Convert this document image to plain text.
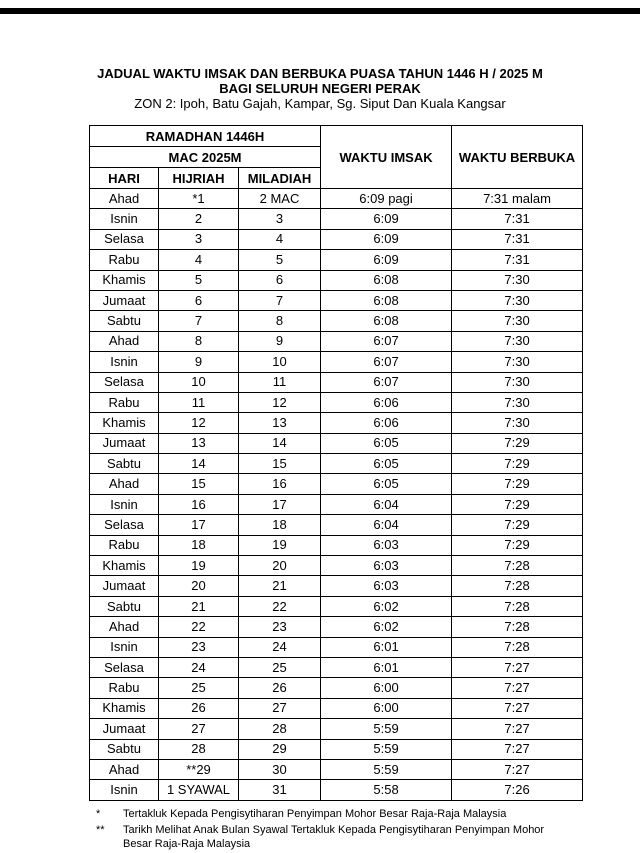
JADUAL WAKTU IMSAK DAN BERBUKA PUASA TAHUN 1446 H / 2025 M
BAGI SELURUH NEGERI PERAK
ZON 2: Ipoh, Batu Gajah, Kampar, Sg. Siput Dan Kuala Kangsar
RAMADHAN 1446H			WAKTU IMSAK	WAKTU BERBUKA
MAC 2025M				
HARI	HIJRIAH	MILADIAH		
Ahad	*1	2 MAC	6:09 pagi	7:31 malam
Isnin	2	3	6:09	7:31
Selasa	3	4	6:09	7:31
Rabu	4	5	6:09	7:31
Khamis	5	6	6:08	7:30
Jumaat	6	7	6:08	7:30
Sabtu	7	8	6:08	7:30
Ahad	8	9	6:07	7:30
Isnin	9	10	6:07	7:30
Selasa	10	11	6:07	7:30
Rabu	11	12	6:06	7:30
Khamis	12	13	6:06	7:30
Jumaat	13	14	6:05	7:29
Sabtu	14	15	6:05	7:29
Ahad	15	16	6:05	7:29
Isnin	16	17	6:04	7:29
Selasa	17	18	6:04	7:29
Rabu	18	19	6:03	7:29
Khamis	19	20	6:03	7:28
Jumaat	20	21	6:03	7:28
Sabtu	21	22	6:02	7:28
Ahad	22	23	6:02	7:28
Isnin	23	24	6:01	7:28
Selasa	24	25	6:01	7:27
Rabu	25	26	6:00	7:27
Khamis	26	27	6:00	7:27
Jumaat	27	28	5:59	7:27
Sabtu	28	29	5:59	7:27
Ahad	**29	30	5:59	7:27
Isnin	1 SYAWAL	31	5:58	7:26
*	Tertakluk Kepada Pengisytiharan Penyimpan Mohor Besar Raja-Raja Malaysia
**	Tarikh Melihat Anak Bulan Syawal Tertakluk Kepada Pengisytiharan Penyimpan Mohor Besar Raja-Raja Malaysia
